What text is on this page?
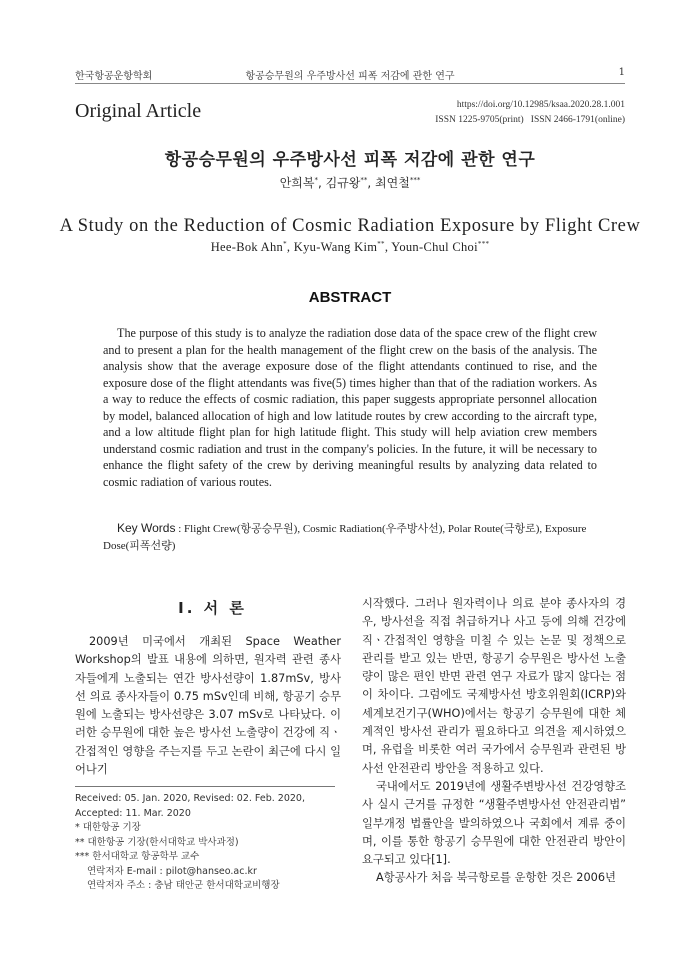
한국항공운항학회	항공승무원의 우주방사선 피폭 저감에 관한 연구	1
Original Article	https://doi.org/10.12985/ksaa.2020.28.1.001
ISSN 1225-9705(print)   ISSN 2466-1791(online)
항공승무원의 우주방사선 피폭 저감에 관한 연구
안희복*, 김규왕**, 최연철***
A Study on the Reduction of Cosmic Radiation Exposure by Flight Crew
Hee-Bok Ahn*, Kyu-Wang Kim**, Youn-Chul Choi***
ABSTRACT
The purpose of this study is to analyze the radiation dose data of the space crew of the flight crew and to present a plan for the health management of the flight crew on the basis of the analysis. The analysis show that the average exposure dose of the flight attendants continued to rise, and the exposure dose of the flight attendants was five(5) times higher than that of the radiation workers. As a way to reduce the effects of cosmic radiation, this paper suggests appropriate personnel allocation by model, balanced allocation of high and low latitude routes by crew according to the aircraft type, and a low altitude flight plan for high latitude flight. This study will help aviation crew members understand cosmic radiation and trust in the company's policies. In the future, it will be necessary to enhance the flight safety of the crew by deriving meaningful results by analyzing data related to cosmic radiation of various routes.
Key Words : Flight Crew(항공승무원), Cosmic Radiation(우주방사선), Polar Route(극항로), Exposure Dose(피폭선량)
Ⅰ. 서 론

2009년 미국에서 개최된 Space Weather Workshop의 발표 내용에 의하면, 원자력 관련 종사자들에게 노출되는 연간 방사선량이 1.87mSv, 방사선 의료 종사자들이 0.75 mSv인데 비해, 항공기 승무원에 노출되는 방사선량은 3.07 mSv로 나타났다. 이러한 승무원에 대한 높은 방사선 노출량이 건강에 직ㆍ간접적인 영향을 주는지를 두고 논란이 최근에 다시 일어나기

Received: 05. Jan. 2020, Revised: 02. Feb. 2020, Accepted: 11. Mar. 2020
* 대한항공 기장
** 대한항공 기장(한서대학교 박사과정)
*** 한서대학교 항공학부 교수
연락저자 E-mail : pilot@hanseo.ac.kr
연락저자 주소 : 충남 태안군 한서대학교비행장

시작했다. 그러나 원자력이나 의료 분야 종사자의 경우, 방사선을 직접 취급하거나 사고 등에 의해 건강에 직ㆍ간접적인 영향을 미칠 수 있는 논문 및 정책으로 관리를 받고 있는 반면, 항공기 승무원은 방사선 노출량이 많은 편인 반면 관련 연구 자료가 많지 않다는 점이 차이다. 그럼에도 국제방사선 방호위원회(ICRP)와 세계보건기구(WHO)에서는 항공기 승무원에 대한 체계적인 방사선 관리가 필요하다고 의견을 제시하였으며, 유럽을 비롯한 여러 국가에서 승무원과 관련된 방사선 안전관리 방안을 적용하고 있다.

국내에서도 2019년에 생활주변방사선 건강영향조사 실시 근거를 규정한 “생활주변방사선 안전관리법” 일부개정 법률안을 발의하였으나 국회에서 계류 중이며, 이를 통한 항공기 승무원에 대한 안전관리 방안이 요구되고 있다[1].

A항공사가 처음 북극항로를 운항한 것은 2006년
